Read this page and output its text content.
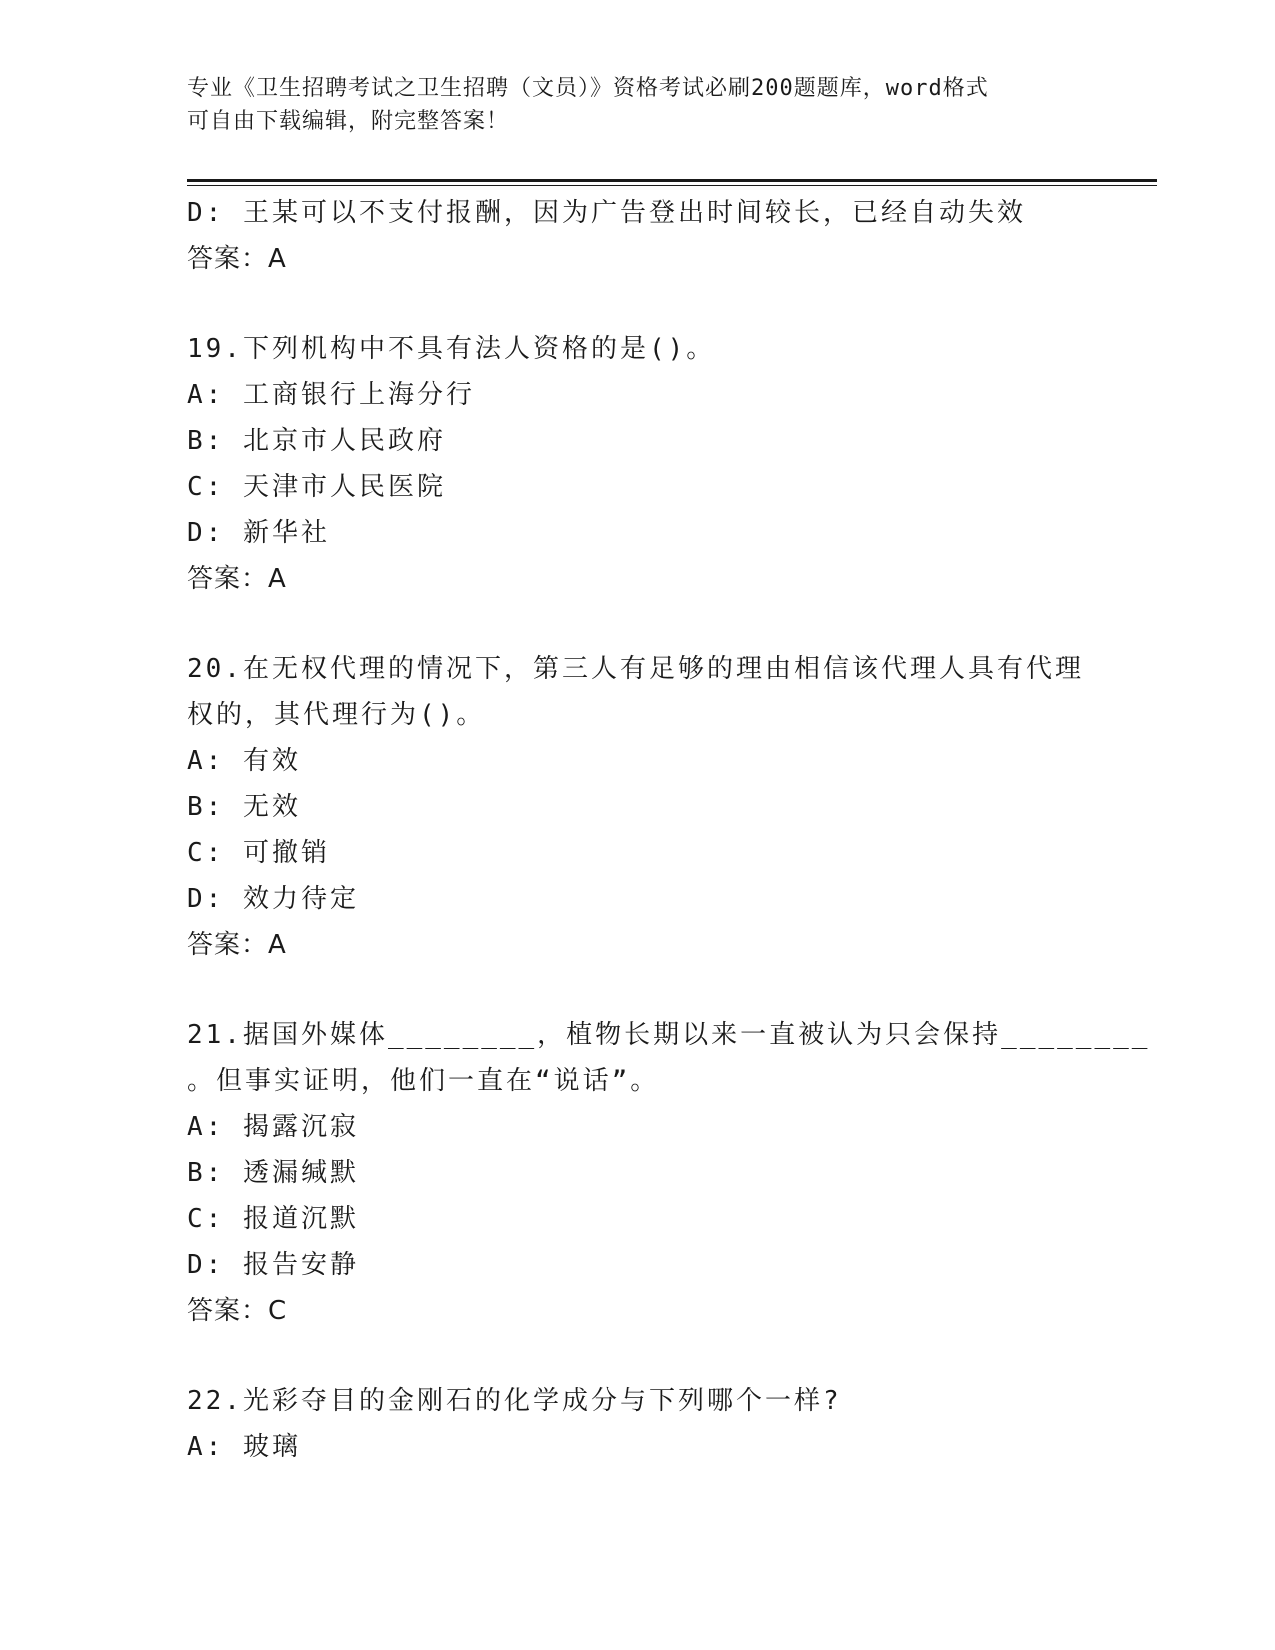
专业《卫生招聘考试之卫生招聘（文员）》资格考试必刷200题题库，word格式
可自由下载编辑，附完整答案！
D: 王某可以不支付报酬，因为广告登出时间较长，已经自动失效
答案：A
19.下列机构中不具有法人资格的是()。
A: 工商银行上海分行
B: 北京市人民政府
C: 天津市人民医院
D: 新华社
答案：A
20.在无权代理的情况下，第三人有足够的理由相信该代理人具有代理
权的，其代理行为()。
A: 有效
B: 无效
C: 可撤销
D: 效力待定
答案：A
21.据国外媒体________，植物长期以来一直被认为只会保持________
。但事实证明，他们一直在“说话”。
A: 揭露沉寂
B: 透漏缄默
C: 报道沉默
D: 报告安静
答案：C
22.光彩夺目的金刚石的化学成分与下列哪个一样?
A: 玻璃
